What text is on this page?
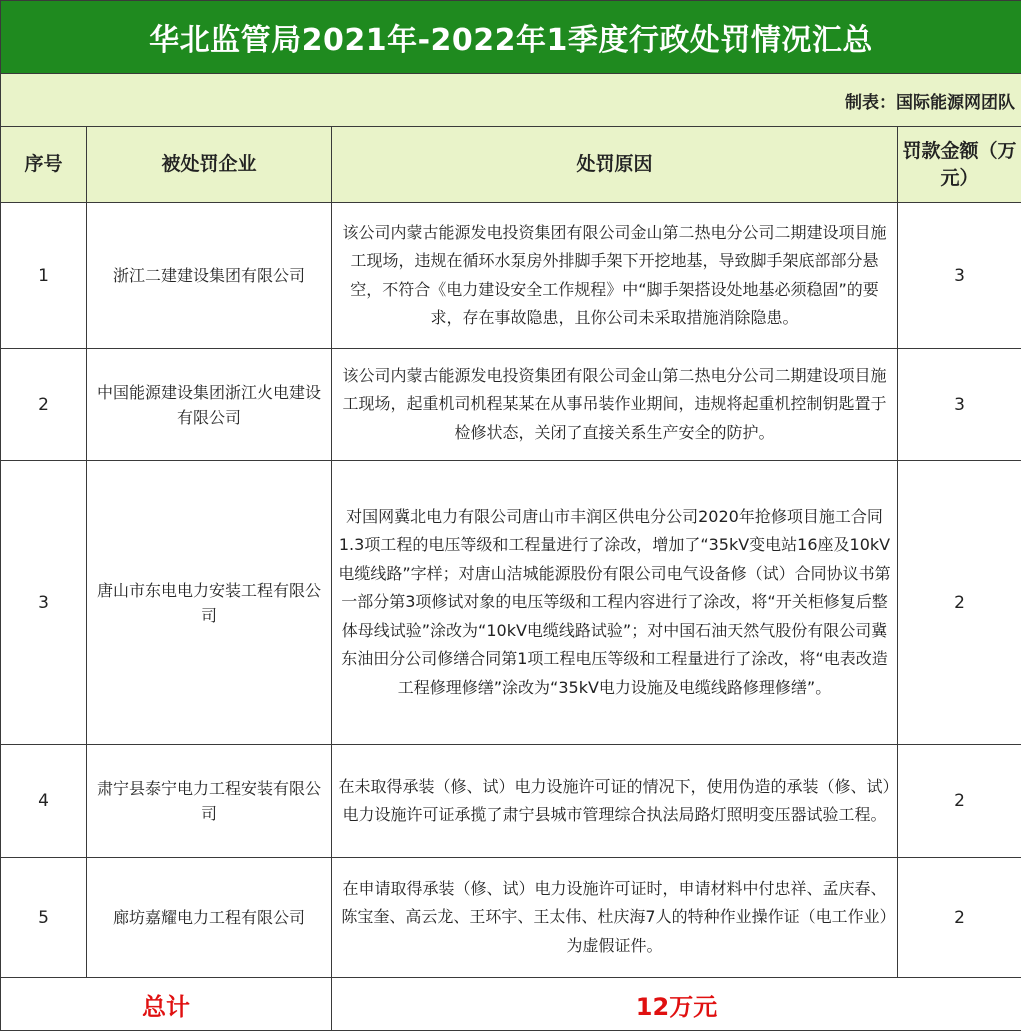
华北监管局2021年-2022年1季度行政处罚情况汇总			
制表：国际能源网团队			
序号	被处罚企业	处罚原因	罚款金额（万元）
1	浙江二建建设集团有限公司	该公司内蒙古能源发电投资集团有限公司金山第二热电分公司二期建设项目施工现场，违规在循环水泵房外排脚手架下开挖地基，导致脚手架底部部分悬空，不符合《电力建设安全工作规程》中“脚手架搭设处地基必须稳固”的要求，存在事故隐患，且你公司未采取措施消除隐患。	3
2	中国能源建设集团浙江火电建设有限公司	该公司内蒙古能源发电投资集团有限公司金山第二热电分公司二期建设项目施工现场，起重机司机程某某在从事吊装作业期间，违规将起重机控制钥匙置于检修状态，关闭了直接关系生产安全的防护。	3
3	唐山市东电电力安装工程有限公司	对国网冀北电力有限公司唐山市丰润区供电分公司2020年抢修项目施工合同1.3项工程的电压等级和工程量进行了涂改，增加了“35kV变电站16座及10kV电缆线路”字样；对唐山洁城能源股份有限公司电气设备修（试）合同协议书第一部分第3项修试对象的电压等级和工程内容进行了涂改，将“开关柜修复后整体母线试验”涂改为“10kV电缆线路试验”；对中国石油天然气股份有限公司冀东油田分公司修缮合同第1项工程电压等级和工程量进行了涂改，将“电表改造工程修理修缮”涂改为“35kV电力设施及电缆线路修理修缮”。	2
4	肃宁县泰宁电力工程安装有限公司	在未取得承装（修、试）电力设施许可证的情况下，使用伪造的承装（修、试）电力设施许可证承揽了肃宁县城市管理综合执法局路灯照明变压器试验工程。	2
5	廊坊嘉耀电力工程有限公司	在申请取得承装（修、试）电力设施许可证时，申请材料中付忠祥、孟庆春、陈宝奎、高云龙、王环宇、王太伟、杜庆海7人的特种作业操作证（电工作业）为虚假证件。	2
总计		12万元	
